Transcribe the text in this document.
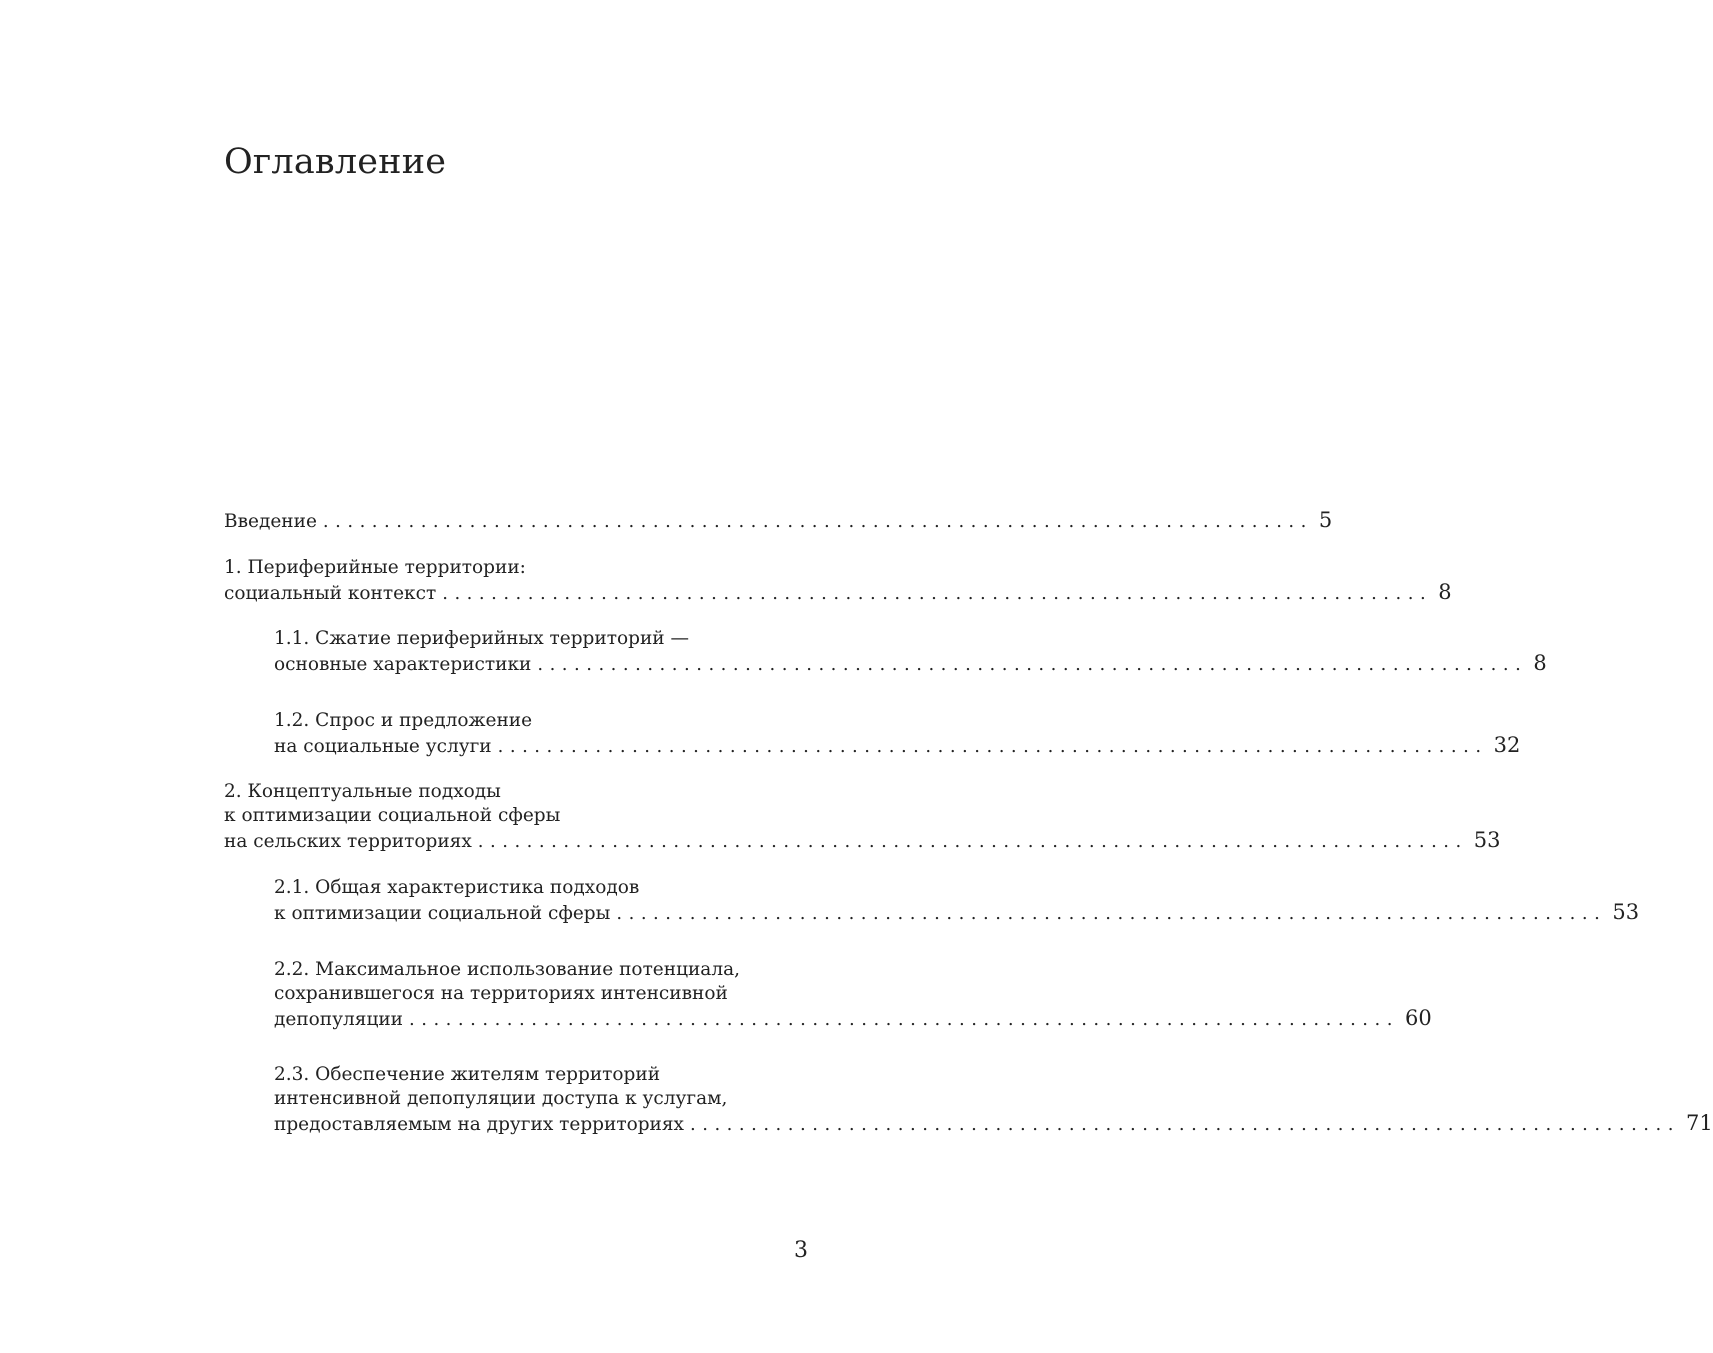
Оглавление
Введение ................................................................................. 5
1. Периферийные территории:
социальный контекст ................................................................................. 8
1.1. Сжатие периферийных территорий —
основные характеристики ................................................................................. 8
1.2. Спрос и предложение
на социальные услуги ................................................................................. 32
2. Концептуальные подходы
к оптимизации социальной сферы
на сельских территориях ................................................................................. 53
2.1. Общая характеристика подходов
к оптимизации социальной сферы ................................................................................. 53
2.2. Максимальное использование потенциала,
сохранившегося на территориях интенсивной
депопуляции ................................................................................. 60
2.3. Обеспечение жителям территорий
интенсивной депопуляции доступа к услугам,
предоставляемым на других территориях ................................................................................. 71
3
